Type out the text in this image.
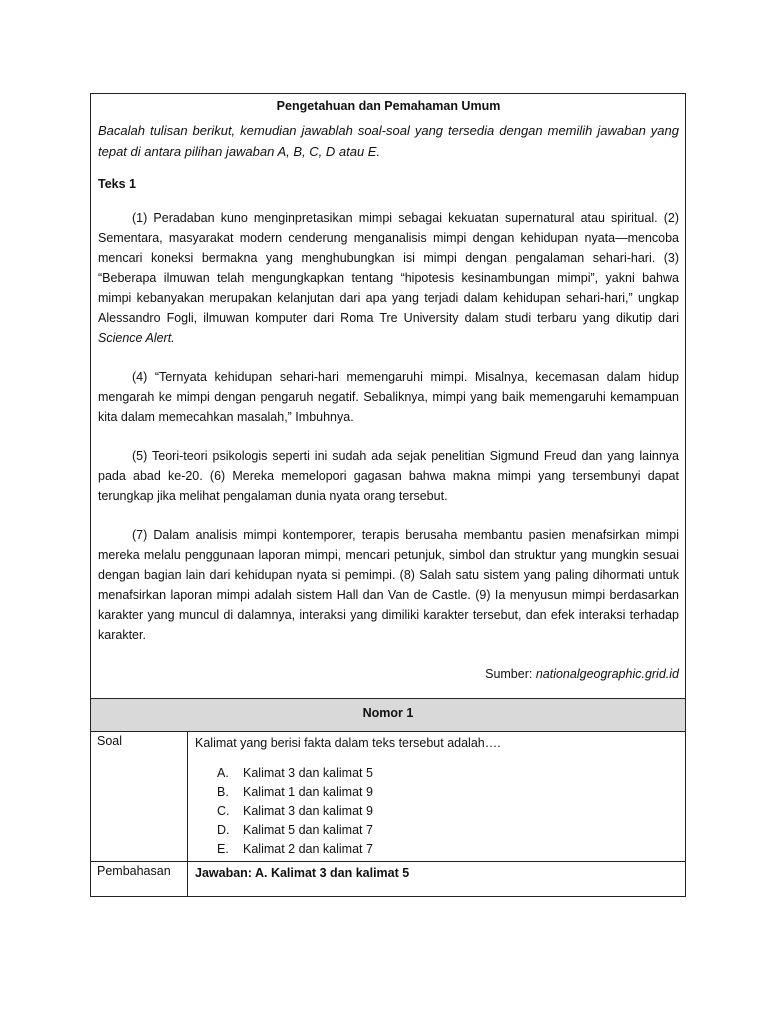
Pengetahuan dan Pemahaman Umum

Bacalah tulisan berikut, kemudian jawablah soal-soal yang tersedia dengan memilih jawaban yang tepat di antara pilihan jawaban A, B, C, D atau E.

Teks 1

(1) Peradaban kuno menginpretasikan mimpi sebagai kekuatan supernatural atau spiritual. (2) Sementara, masyarakat modern cenderung menganalisis mimpi dengan kehidupan nyata—mencoba mencari koneksi bermakna yang menghubungkan isi mimpi dengan pengalaman sehari-hari. (3) “Beberapa ilmuwan telah mengungkapkan tentang “hipotesis kesinambungan mimpi”, yakni bahwa mimpi kebanyakan merupakan kelanjutan dari apa yang terjadi dalam kehidupan sehari-hari,” ungkap Alessandro Fogli, ilmuwan komputer dari Roma Tre University dalam studi terbaru yang dikutip dari Science Alert.

(4) “Ternyata kehidupan sehari-hari memengaruhi mimpi. Misalnya, kecemasan dalam hidup mengarah ke mimpi dengan pengaruh negatif. Sebaliknya, mimpi yang baik memengaruhi kemampuan kita dalam memecahkan masalah,” Imbuhnya.

(5) Teori-teori psikologis seperti ini sudah ada sejak penelitian Sigmund Freud dan yang lainnya pada abad ke-20. (6) Mereka memelopori gagasan bahwa makna mimpi yang tersembunyi dapat terungkap jika melihat pengalaman dunia nyata orang tersebut.

(7) Dalam analisis mimpi kontemporer, terapis berusaha membantu pasien menafsirkan mimpi mereka melalu penggunaan laporan mimpi, mencari petunjuk, simbol dan struktur yang mungkin sesuai dengan bagian lain dari kehidupan nyata si pemimpi. (8) Salah satu sistem yang paling dihormati untuk menafsirkan laporan mimpi adalah sistem Hall dan Van de Castle. (9) Ia menyusun mimpi berdasarkan karakter yang muncul di dalamnya, interaksi yang dimiliki karakter tersebut, dan efek interaksi terhadap karakter.

Sumber: nationalgeographic.grid.id
Nomor 1
Soal	Kalimat yang berisi fakta dalam teks tersebut adalah….

A.	Kalimat 3 dan kalimat 5
B.	Kalimat 1 dan kalimat 9
C.	Kalimat 3 dan kalimat 9
D.	Kalimat 5 dan kalimat 7
E.	Kalimat 2 dan kalimat 7
Pembahasan	Jawaban: A. Kalimat 3 dan kalimat 5
